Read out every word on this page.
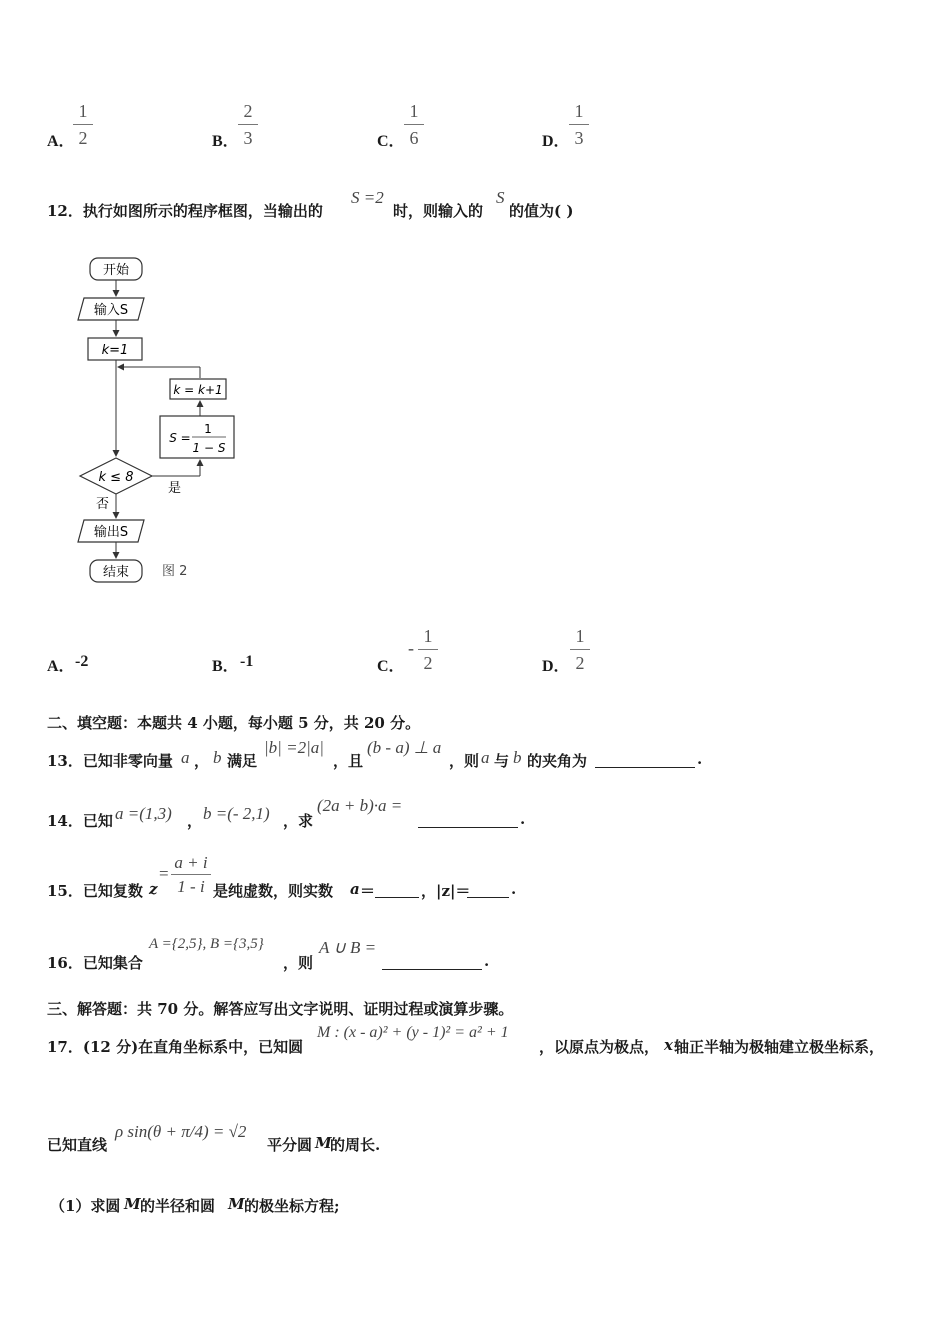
A．
1
2	B．
2
3	C．
1
6	D．
1
3
12．执行如图所示的程序框图，当输出的
S =2
时，则输入的
S
的值为( )
开始
输入S
k=1
k = k+1
S =
1
1 − S
k ≤ 8
是
否
输出S
结束	图 2
A． -2	B． -1	C．
-
1
2	D．
1
2
二、填空题：本题共 4 小题，每小题 5 分，共 20 分。
13．已知非零向量 a ， b 满足
|b| =2|a|
，且
(b - a) ⊥ a
，则 a 与 b 的夹角为	.
14．已知 a =(1,3) ， b =(- 2,1) ，求
(2a + b)·a =
.
15．已知复数 z
=
a + i
1 - i 是纯虚数，则实数 a ＝	，|z|＝	.
16．已知集合
A ={2,5}, B ={3,5}
，则
A ∪ B =
.
三、解答题：共 70 分。解答应写出文字说明、证明过程或演算步骤。
17．(12 分)在直角坐标系中，已知圆
M : (x - a)² + (y - 1)² = a² + 1
，以原点为极点， x 轴正半轴为极轴建立极坐标系，
已知直线
ρ sin(θ + π/4) = √2
平分圆 M
的周长.
（1）求圆 M 的半径和圆 M 的极坐标方程;
